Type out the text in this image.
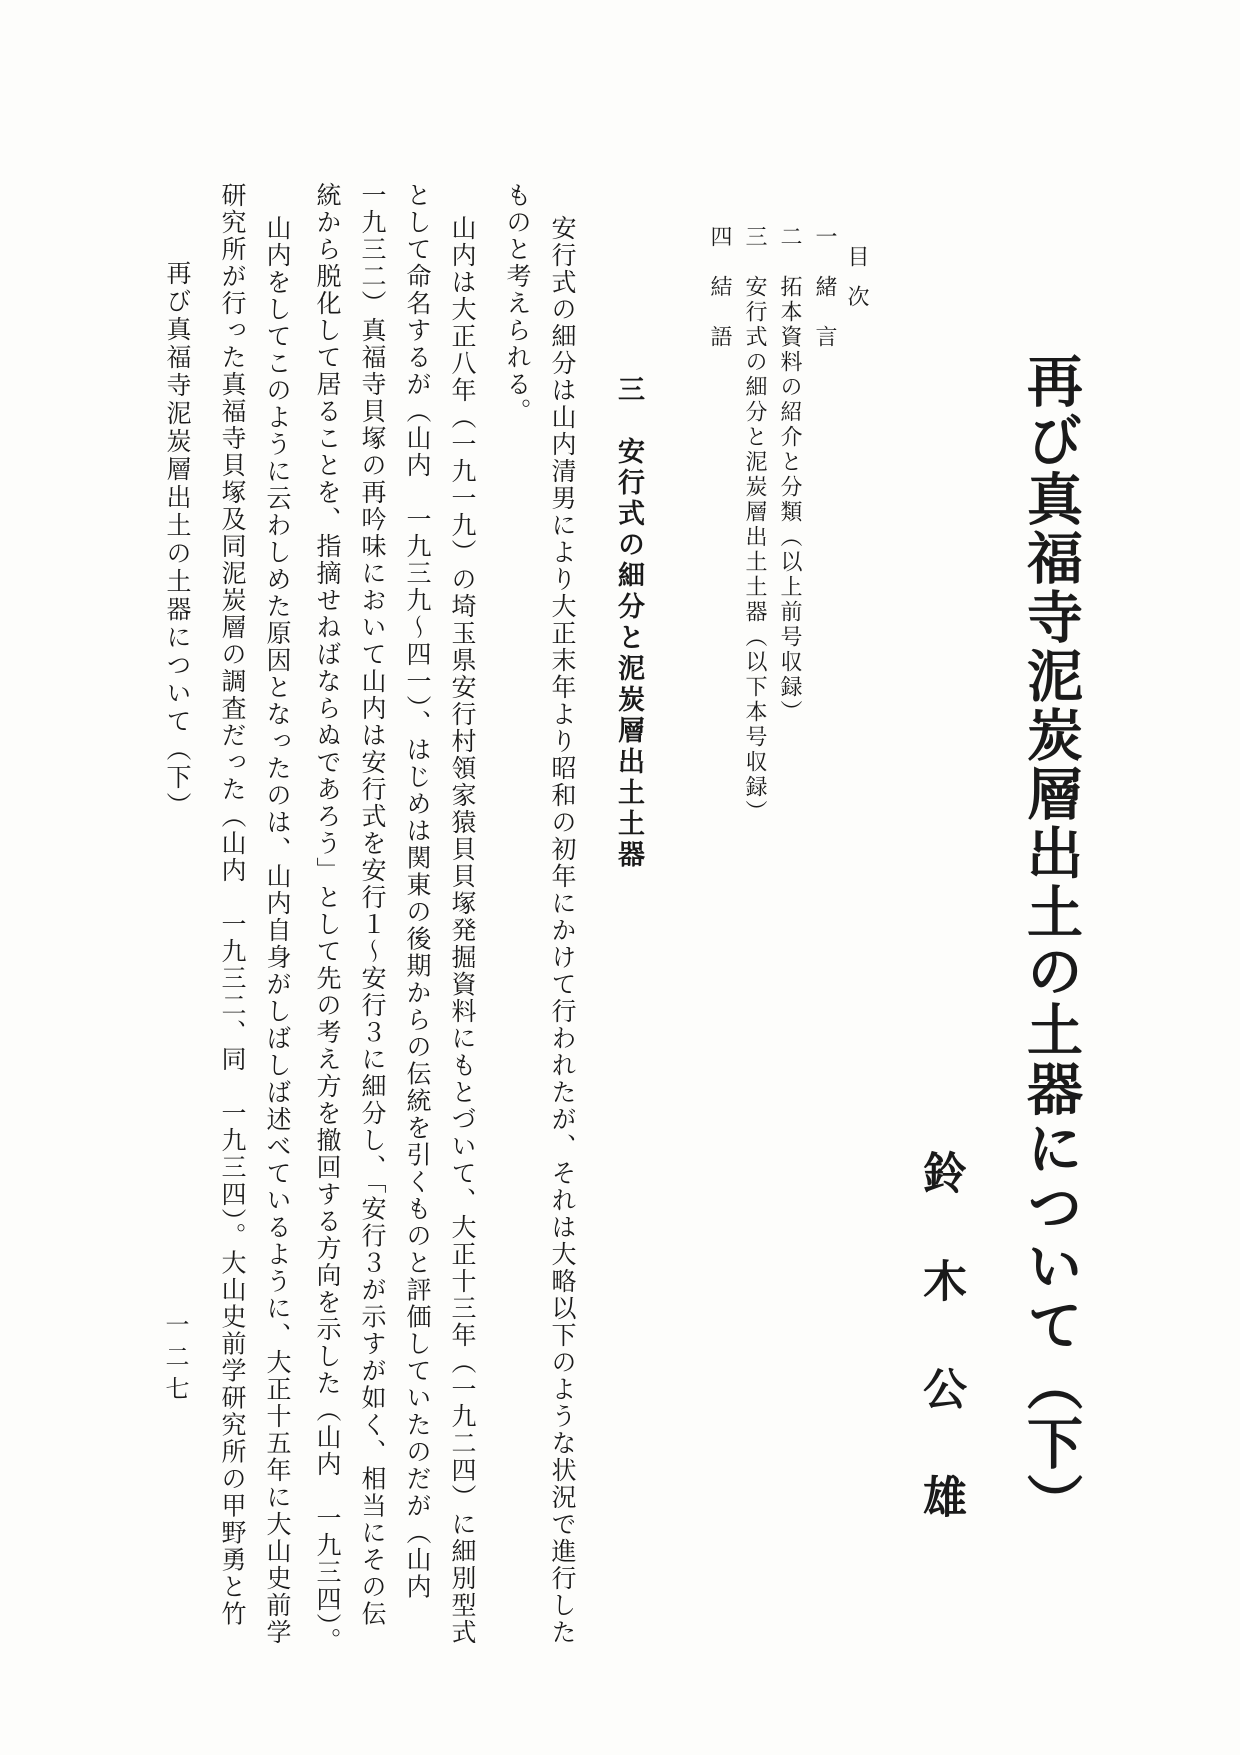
再び真福寺泥炭層出土の土器について（下）
鈴木公雄
目次
一　緒　言
二　拓本資料の紹介と分類（以上前号収録）
三　安行式の細分と泥炭層出土土器（以下本号収録）
四　結　語
三　安行式の細分と泥炭層出土土器
安行式の細分は山内清男により大正末年より昭和の初年にかけて行われたが、それは大略以下のような状況で進行した
ものと考えられる。
山内は大正八年（一九一九）の埼玉県安行村領家猿貝貝塚発掘資料にもとづいて、大正十三年（一九二四）に細別型式
として命名するが（山内　一九三九〜四一）、はじめは関東の後期からの伝統を引くものと評価していたのだが（山内
一九三二）真福寺貝塚の再吟味において山内は安行式を安行１〜安行３に細分し、「安行３が示すが如く、相当にその伝
統から脱化して居ることを、指摘せねばならぬであろう」として先の考え方を撤回する方向を示した（山内　一九三四）。
山内をしてこのように云わしめた原因となったのは、山内自身がしばしば述べているように、大正十五年に大山史前学
研究所が行った真福寺貝塚及同泥炭層の調査だった（山内　一九三二、同　一九三四）。大山史前学研究所の甲野勇と竹
再び真福寺泥炭層出土の土器について（下）
一二七
